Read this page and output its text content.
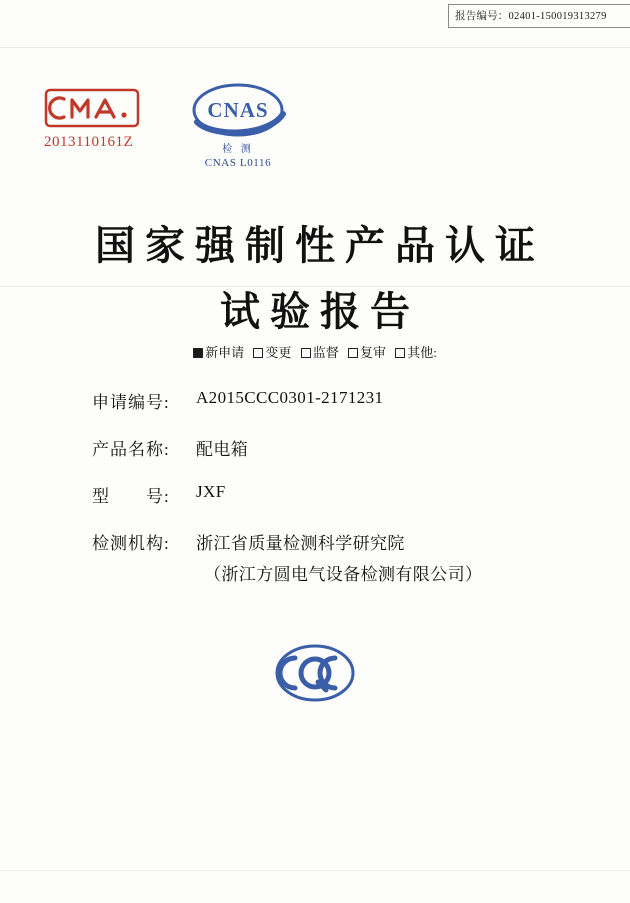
报告编号：02401-150019313279
2013110161Z
CNAS
检 测
CNAS L0116
国家强制性产品认证
试验报告
新申请 变更 监督 复审 其他:
申请编号:	A2015CCC0301-2171231
产品名称:	配电箱
型　　号:	JXF
检测机构:	浙江省质量检测科学研究院
（浙江方圆电气设备检测有限公司）
